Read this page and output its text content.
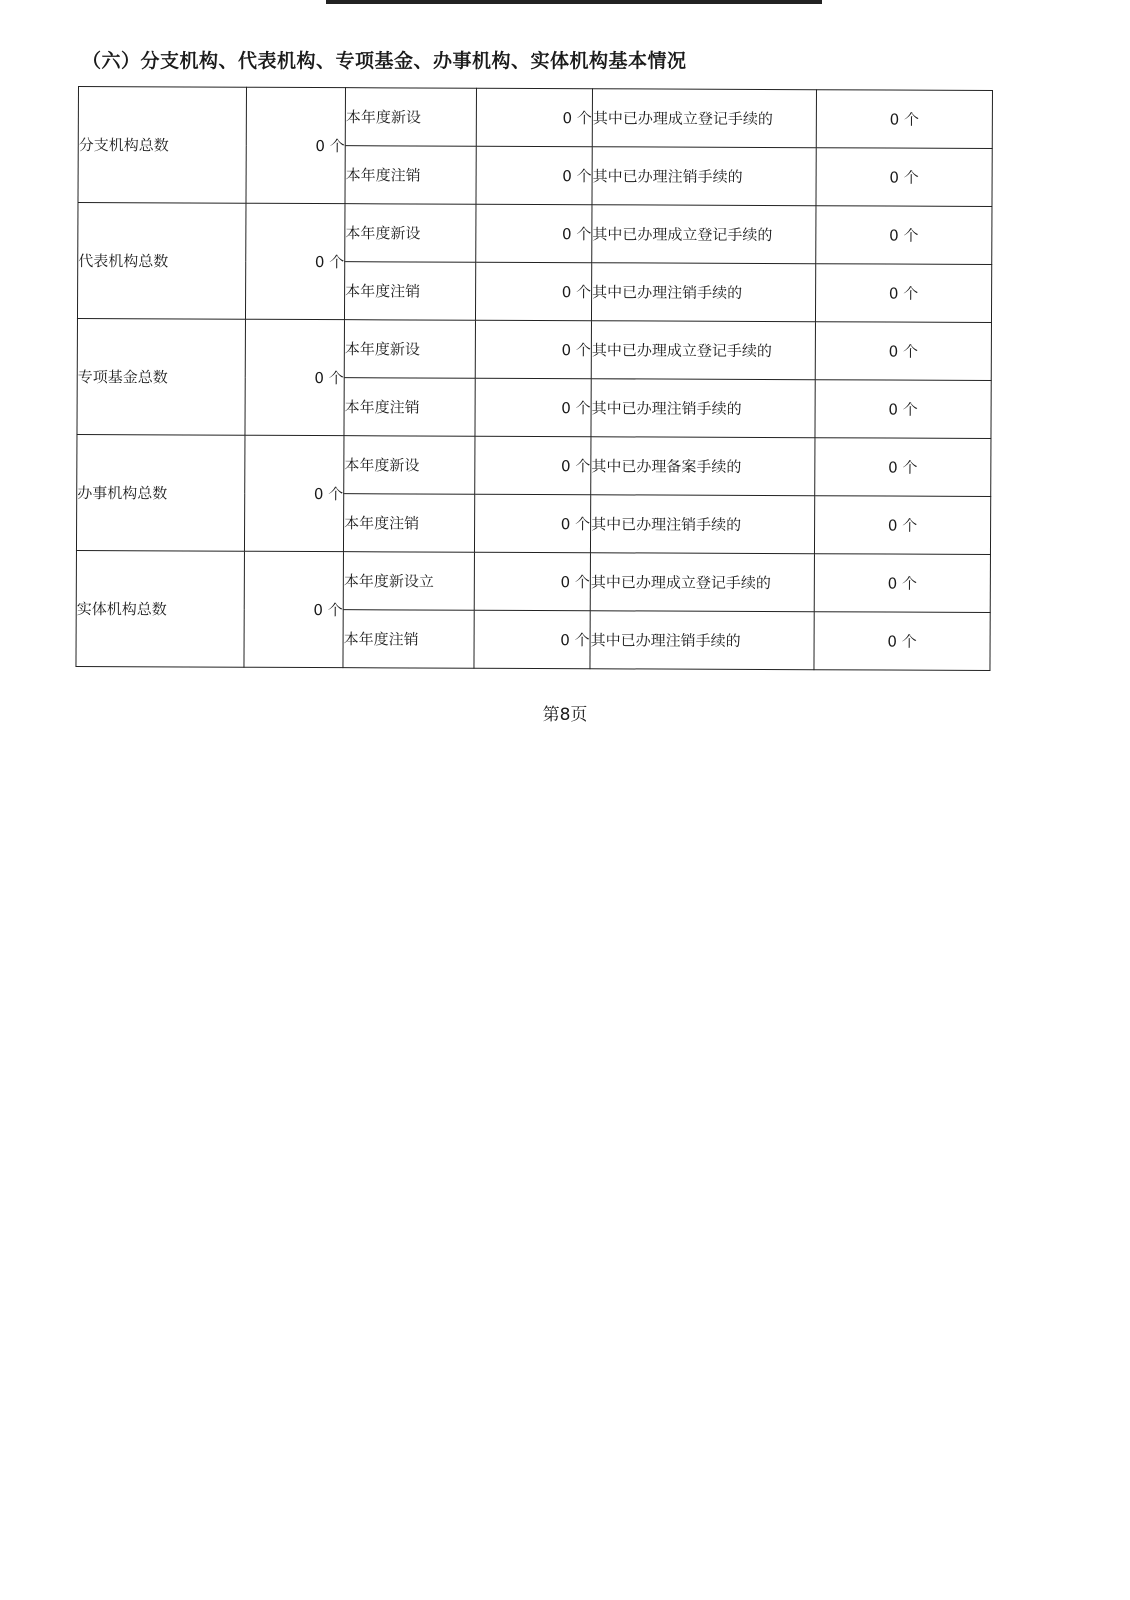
（六）分支机构、代表机构、专项基金、办事机构、实体机构基本情况
分支机构总数	0 个	本年度新设	0 个	其中已办理成立登记手续的	0 个
		本年度注销	0 个	其中已办理注销手续的	0 个
代表机构总数	0 个	本年度新设	0 个	其中已办理成立登记手续的	0 个
		本年度注销	0 个	其中已办理注销手续的	0 个
专项基金总数	0 个	本年度新设	0 个	其中已办理成立登记手续的	0 个
		本年度注销	0 个	其中已办理注销手续的	0 个
办事机构总数	0 个	本年度新设	0 个	其中已办理备案手续的	0 个
		本年度注销	0 个	其中已办理注销手续的	0 个
实体机构总数	0 个	本年度新设立	0 个	其中已办理成立登记手续的	0 个
		本年度注销	0 个	其中已办理注销手续的	0 个
第8页
